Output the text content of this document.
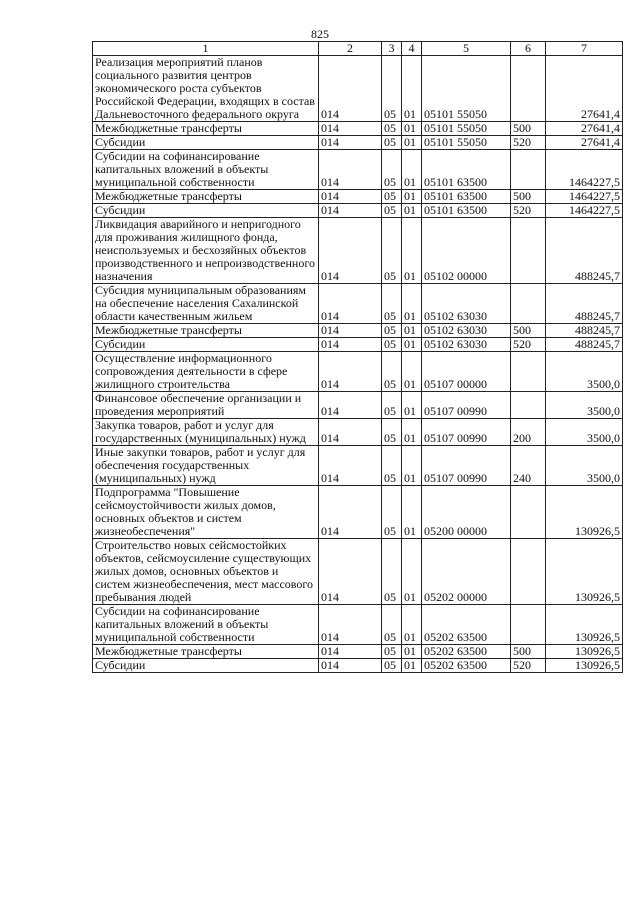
825
1	2	3	4	5	6	7
Реализация мероприятий планов социального развития центров экономического роста субъектов Российской Федерации, входящих в состав Дальневосточного федерального округа	014	05	01	05101 55050		27641,4
Межбюджетные трансферты	014	05	01	05101 55050	500	27641,4
Субсидии	014	05	01	05101 55050	520	27641,4
Субсидии на софинансирование капитальных вложений в объекты муниципальной собственности	014	05	01	05101 63500		1464227,5
Межбюджетные трансферты	014	05	01	05101 63500	500	1464227,5
Субсидии	014	05	01	05101 63500	520	1464227,5
Ликвидация аварийного и непригодного для проживания жилищного фонда, неиспользуемых и бесхозяйных объектов производственного и непроизводственного назначения	014	05	01	05102 00000		488245,7
Субсидия муниципальным образованиям на обеспечение населения Сахалинской области качественным жильем	014	05	01	05102 63030		488245,7
Межбюджетные трансферты	014	05	01	05102 63030	500	488245,7
Субсидии	014	05	01	05102 63030	520	488245,7
Осуществление информационного сопровождения деятельности в сфере жилищного строительства	014	05	01	05107 00000		3500,0
Финансовое обеспечение организации и проведения мероприятий	014	05	01	05107 00990		3500,0
Закупка товаров, работ и услуг для государственных (муниципальных) нужд	014	05	01	05107 00990	200	3500,0
Иные закупки товаров, работ и услуг для обеспечения государственных (муниципальных) нужд	014	05	01	05107 00990	240	3500,0
Подпрограмма "Повышение сейсмоустойчивости жилых домов, основных объектов и систем жизнеобеспечения"	014	05	01	05200 00000		130926,5
Строительство новых сейсмостойких объектов, сейсмоусиление существующих жилых домов, основных объектов и систем жизнеобеспечения, мест массового пребывания людей	014	05	01	05202 00000		130926,5
Субсидии на софинансирование капитальных вложений в объекты муниципальной собственности	014	05	01	05202 63500		130926,5
Межбюджетные трансферты	014	05	01	05202 63500	500	130926,5
Субсидии	014	05	01	05202 63500	520	130926,5
